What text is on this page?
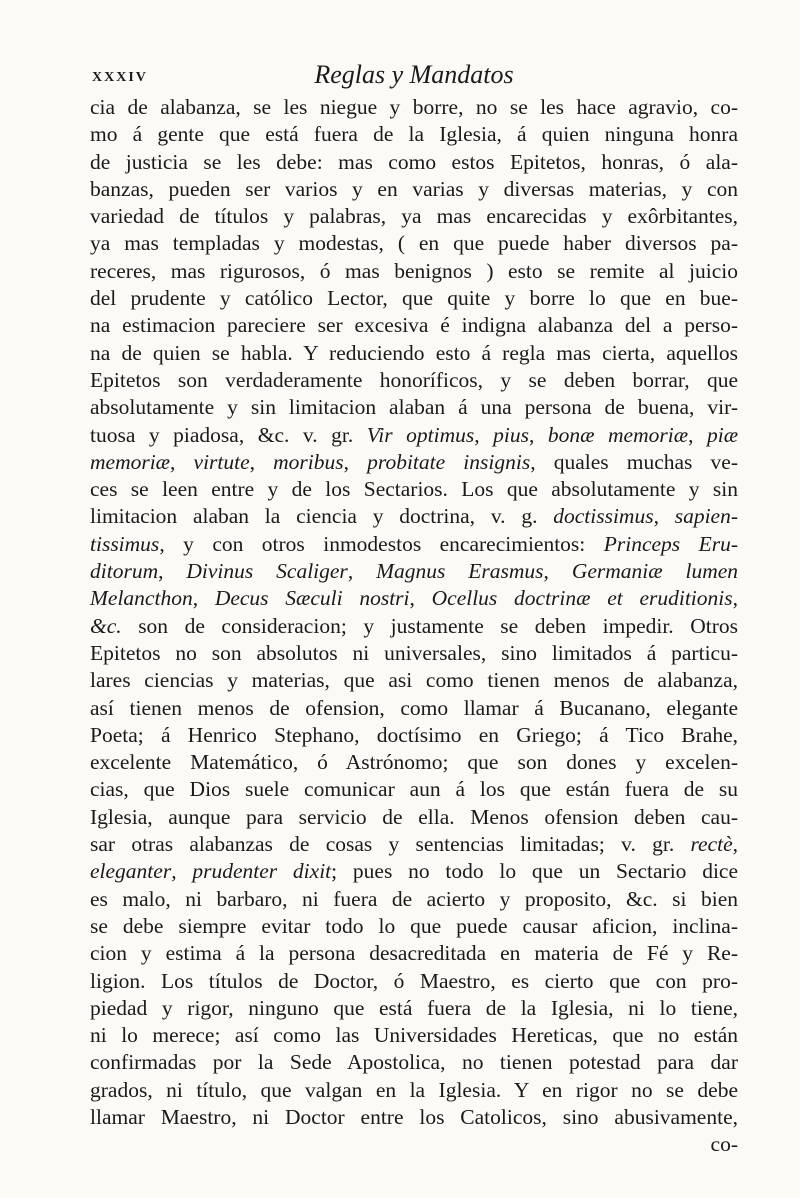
XXXIV	Reglas y Mandatos
cia de alabanza, se les niegue y borre, no se les hace agravio, co-
mo á gente que está fuera de la Iglesia, á quien ninguna honra
de justicia se les debe: mas como estos Epitetos, honras, ó ala-
banzas, pueden ser varios y en varias y diversas materias, y con
variedad de títulos y palabras, ya mas encarecidas y exôrbitantes,
ya mas templadas y modestas, ( en que puede haber diversos pa-
receres, mas rigurosos, ó mas benignos ) esto se remite al juicio
del prudente y católico Lector, que quite y borre lo que en bue-
na estimacion pareciere ser excesiva é indigna alabanza del a perso-
na de quien se habla. Y reduciendo esto á regla mas cierta, aquellos
Epitetos son verdaderamente honoríficos, y se deben borrar, que
absolutamente y sin limitacion alaban á una persona de buena, vir-
tuosa y piadosa, &c. v. gr. Vir optimus, pius, bonæ memoriæ, piæ
memoriæ, virtute, moribus, probitate insignis, quales muchas ve-
ces se leen entre y de los Sectarios. Los que absolutamente y sin
limitacion alaban la ciencia y doctrina, v. g. doctissimus, sapien-
tissimus, y con otros inmodestos encarecimientos: Princeps Eru-
ditorum, Divinus Scaliger, Magnus Erasmus, Germaniæ lumen
Melancthon, Decus Sæculi nostri, Ocellus doctrinæ et eruditionis,
&c. son de consideracion; y justamente se deben impedir. Otros
Epitetos no son absolutos ni universales, sino limitados á particu-
lares ciencias y materias, que asi como tienen menos de alabanza,
así tienen menos de ofension, como llamar á Bucanano, elegante
Poeta; á Henrico Stephano, doctísimo en Griego; á Tico Brahe,
excelente Matemático, ó Astrónomo; que son dones y excelen-
cias, que Dios suele comunicar aun á los que están fuera de su
Iglesia, aunque para servicio de ella. Menos ofension deben cau-
sar otras alabanzas de cosas y sentencias limitadas; v. gr. rectè,
eleganter, prudenter dixit; pues no todo lo que un Sectario dice
es malo, ni barbaro, ni fuera de acierto y proposito, &c. si bien
se debe siempre evitar todo lo que puede causar aficion, inclina-
cion y estima á la persona desacreditada en materia de Fé y Re-
ligion. Los títulos de Doctor, ó Maestro, es cierto que con pro-
piedad y rigor, ninguno que está fuera de la Iglesia, ni lo tiene,
ni lo merece; así como las Universidades Hereticas, que no están
confirmadas por la Sede Apostolica, no tienen potestad para dar
grados, ni título, que valgan en la Iglesia. Y en rigor no se debe
llamar Maestro, ni Doctor entre los Catolicos, sino abusivamente,
co-
